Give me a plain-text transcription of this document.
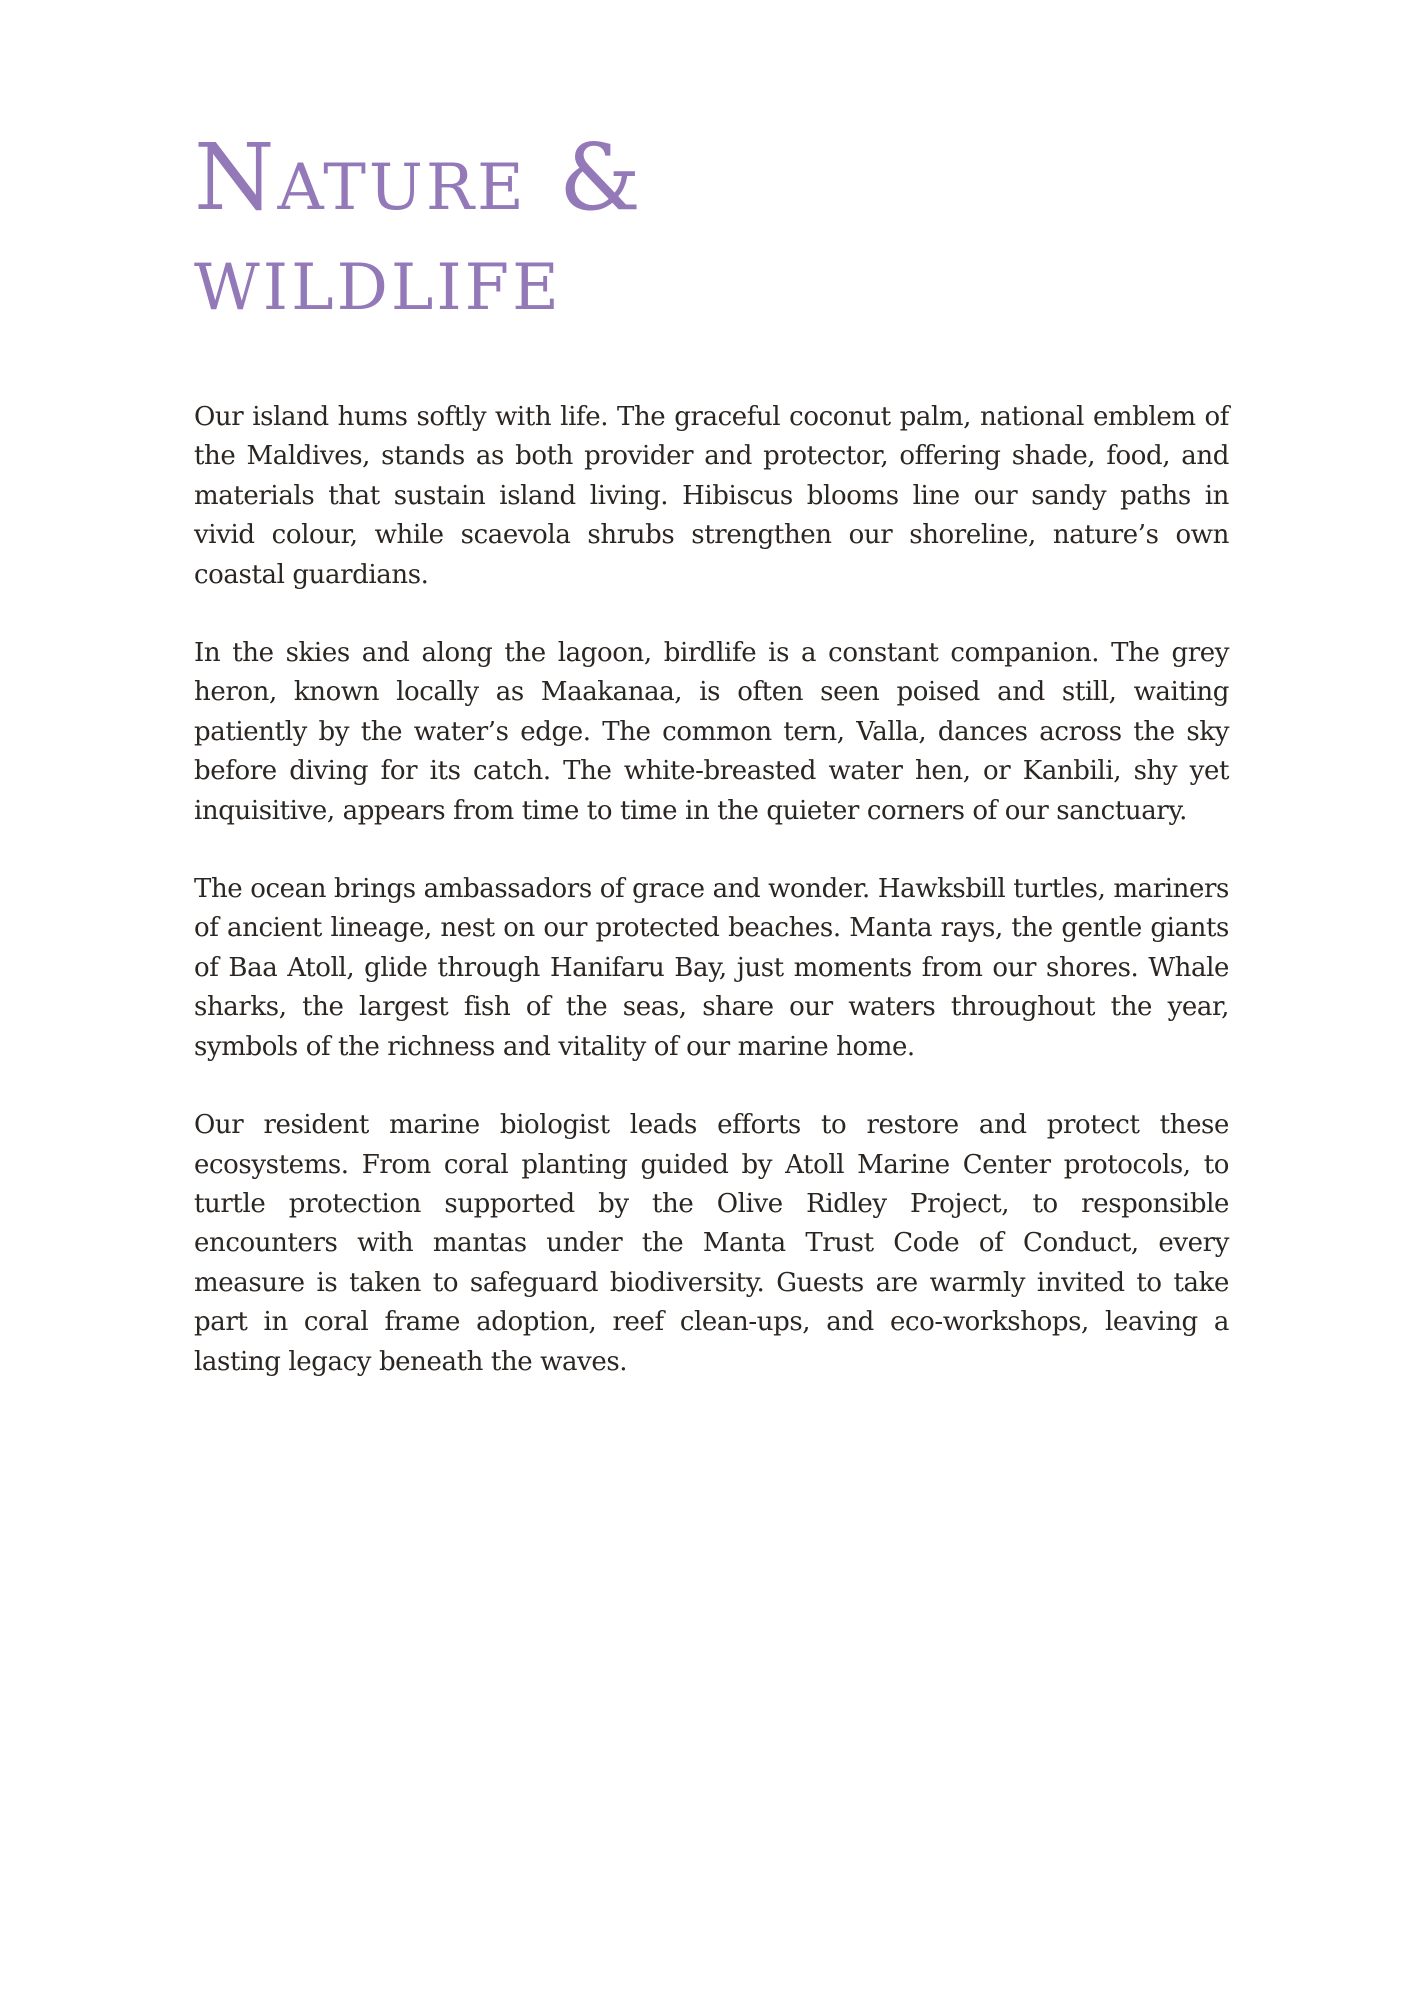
Nature &
wildlife

Our island hums softly with life. The graceful coconut palm, national emblem of the Maldives, stands as both provider and protector, offering shade, food, and materials that sustain island living. Hibiscus blooms line our sandy paths in vivid colour, while scaevola shrubs strengthen our shoreline, nature’s own coastal guardians.

In the skies and along the lagoon, birdlife is a constant companion. The grey heron, known locally as Maakanaa, is often seen poised and still, waiting patiently by the water’s edge. The common tern, Valla, dances across the sky before diving for its catch. The white-breasted water hen, or Kanbili, shy yet inquisitive, appears from time to time in the quieter corners of our sanctuary.

The ocean brings ambassadors of grace and wonder. Hawksbill turtles, mariners of ancient lineage, nest on our protected beaches. Manta rays, the gentle giants of Baa Atoll, glide through Hanifaru Bay, just moments from our shores. Whale sharks, the largest fish of the seas, share our waters throughout the year, symbols of the richness and vitality of our marine home.

Our resident marine biologist leads efforts to restore and protect these ecosystems. From coral planting guided by Atoll Marine Center protocols, to turtle protection supported by the Olive Ridley Project, to responsible encounters with mantas under the Manta Trust Code of Conduct, every measure is taken to safeguard biodiversity. Guests are warmly invited to take part in coral frame adoption, reef clean-ups, and eco-workshops, leaving a lasting legacy beneath the waves.
